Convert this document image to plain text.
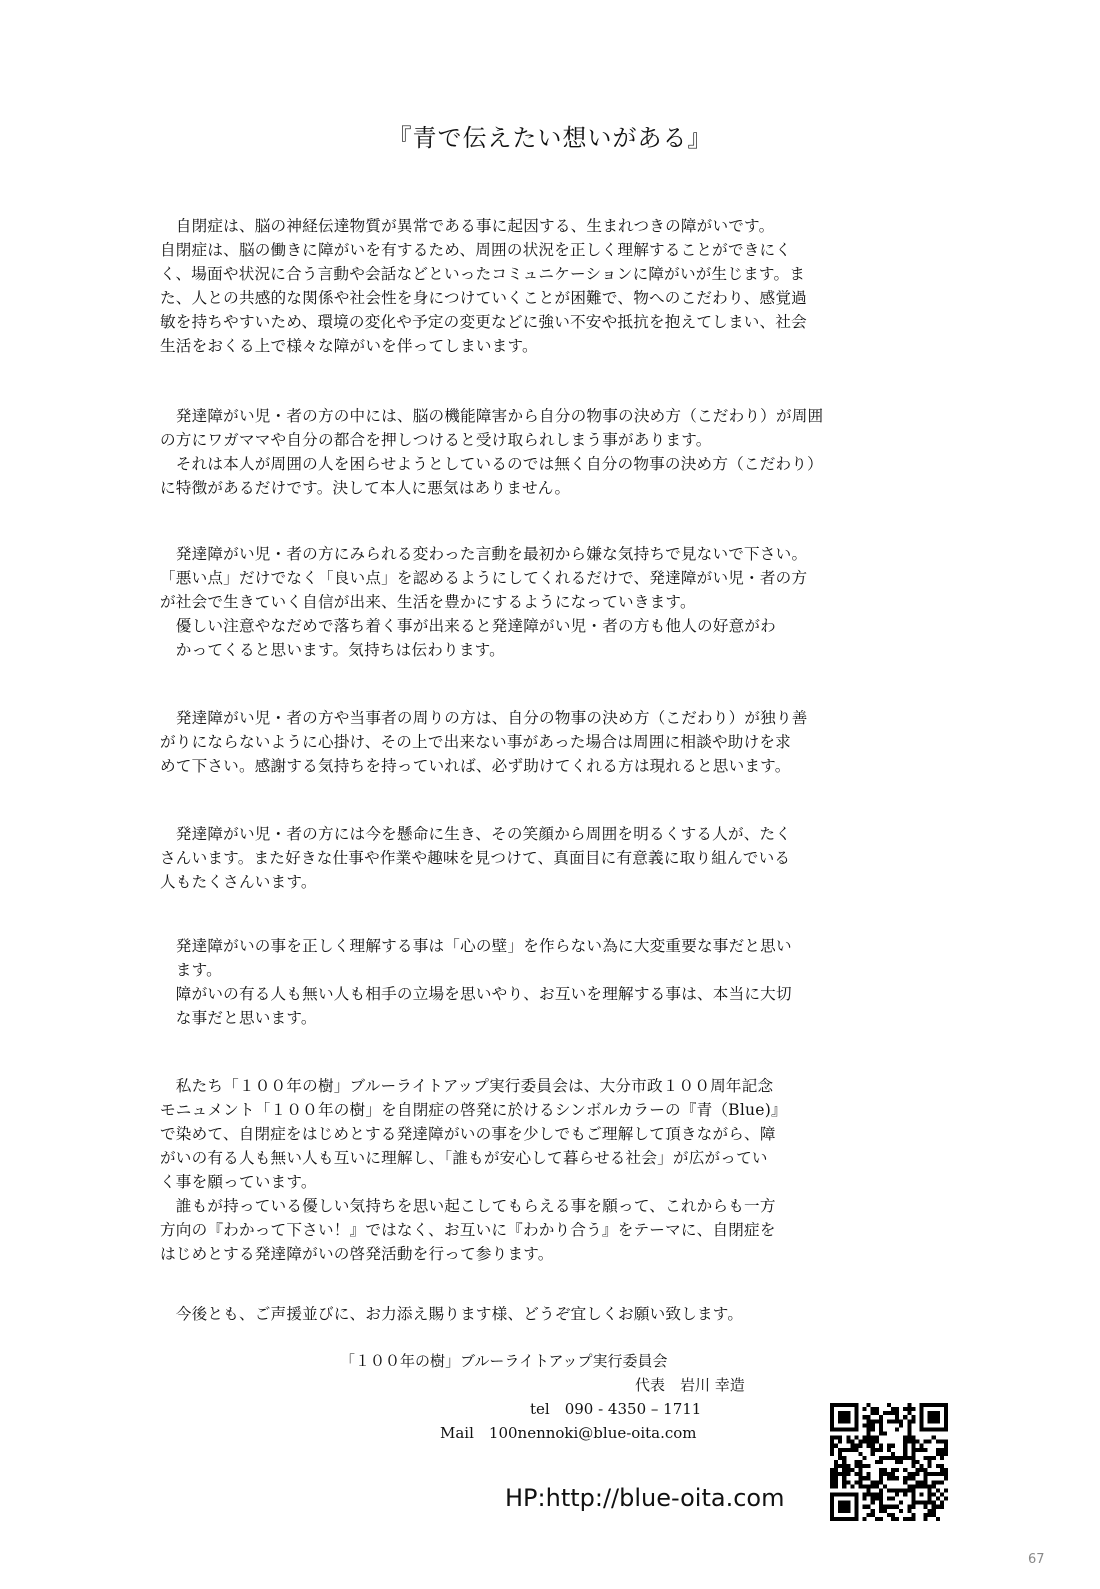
『青で伝えたい想いがある』
　自閉症は、脳の神経伝達物質が異常である事に起因する、生まれつきの障がいです。
自閉症は、脳の働きに障がいを有するため、周囲の状況を正しく理解することができにく
く、場面や状況に合う言動や会話などといったコミュニケーションに障がいが生じます。ま
た、人との共感的な関係や社会性を身につけていくことが困難で、物へのこだわり、感覚過
敏を持ちやすいため、環境の変化や予定の変更などに強い不安や抵抗を抱えてしまい、社会
生活をおくる上で様々な障がいを伴ってしまいます。
　発達障がい児・者の方の中には、脳の機能障害から自分の物事の決め方（こだわり）が周囲
の方にワガママや自分の都合を押しつけると受け取られしまう事があります。
　それは本人が周囲の人を困らせようとしているのでは無く自分の物事の決め方（こだわり）
に特徴があるだけです。決して本人に悪気はありません。
　発達障がい児・者の方にみられる変わった言動を最初から嫌な気持ちで見ないで下さい。
「悪い点」だけでなく「良い点」を認めるようにしてくれるだけで、発達障がい児・者の方
が社会で生きていく自信が出来、生活を豊かにするようになっていきます。
　優しい注意やなだめで落ち着く事が出来ると発達障がい児・者の方も他人の好意がわ
　かってくると思います。気持ちは伝わります。
　発達障がい児・者の方や当事者の周りの方は、自分の物事の決め方（こだわり）が独り善
がりにならないように心掛け、その上で出来ない事があった場合は周囲に相談や助けを求
めて下さい。感謝する気持ちを持っていれば、必ず助けてくれる方は現れると思います。
　発達障がい児・者の方には今を懸命に生き、その笑顔から周囲を明るくする人が、たく
さんいます。また好きな仕事や作業や趣味を見つけて、真面目に有意義に取り組んでいる
人もたくさんいます。
　発達障がいの事を正しく理解する事は「心の壁」を作らない為に大変重要な事だと思い
　ます。
　障がいの有る人も無い人も相手の立場を思いやり、お互いを理解する事は、本当に大切
　な事だと思います。
　私たち「１００年の樹」ブルーライトアップ実行委員会は、大分市政１００周年記念
モニュメント「１００年の樹」を自閉症の啓発に於けるシンボルカラーの『青（Blue)』
で染めて、自閉症をはじめとする発達障がいの事を少しでもご理解して頂きながら、障
がいの有る人も無い人も互いに理解し、「誰もが安心して暮らせる社会」が広がってい
く事を願っています。
　誰もが持っている優しい気持ちを思い起こしてもらえる事を願って、これからも一方
方向の『わかって下さい！』ではなく、お互いに『わかり合う』をテーマに、自閉症を
はじめとする発達障がいの啓発活動を行って参ります。
　今後とも、ご声援並びに、お力添え賜ります様、どうぞ宜しくお願い致します。
「１００年の樹」ブルーライトアップ実行委員会
代表　岩川 幸造
tel　090 - 4350 – 1711
Mail　100nennoki@blue-oita.com
HP:http://blue-oita.com
67
